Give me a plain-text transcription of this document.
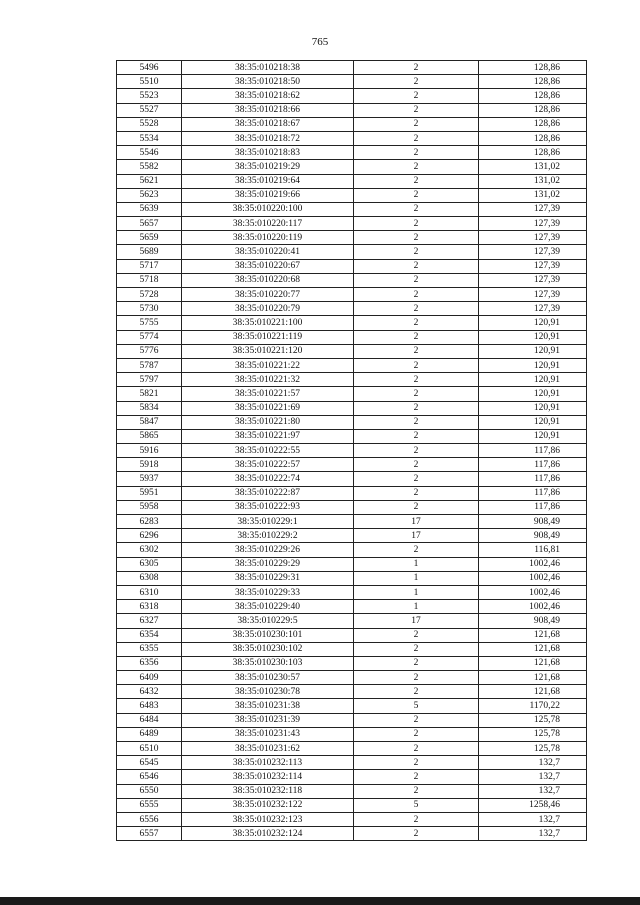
765
5496	38:35:010218:38	2	128,86
5510	38:35:010218:50	2	128,86
5523	38:35:010218:62	2	128,86
5527	38:35:010218:66	2	128,86
5528	38:35:010218:67	2	128,86
5534	38:35:010218:72	2	128,86
5546	38:35:010218:83	2	128,86
5582	38:35:010219:29	2	131,02
5621	38:35:010219:64	2	131,02
5623	38:35:010219:66	2	131,02
5639	38:35:010220:100	2	127,39
5657	38:35:010220:117	2	127,39
5659	38:35:010220:119	2	127,39
5689	38:35:010220:41	2	127,39
5717	38:35:010220:67	2	127,39
5718	38:35:010220:68	2	127,39
5728	38:35:010220:77	2	127,39
5730	38:35:010220:79	2	127,39
5755	38:35:010221:100	2	120,91
5774	38:35:010221:119	2	120,91
5776	38:35:010221:120	2	120,91
5787	38:35:010221:22	2	120,91
5797	38:35:010221:32	2	120,91
5821	38:35:010221:57	2	120,91
5834	38:35:010221:69	2	120,91
5847	38:35:010221:80	2	120,91
5865	38:35:010221:97	2	120,91
5916	38:35:010222:55	2	117,86
5918	38:35:010222:57	2	117,86
5937	38:35:010222:74	2	117,86
5951	38:35:010222:87	2	117,86
5958	38:35:010222:93	2	117,86
6283	38:35:010229:1	17	908,49
6296	38:35:010229:2	17	908,49
6302	38:35:010229:26	2	116,81
6305	38:35:010229:29	1	1002,46
6308	38:35:010229:31	1	1002,46
6310	38:35:010229:33	1	1002,46
6318	38:35:010229:40	1	1002,46
6327	38:35:010229:5	17	908,49
6354	38:35:010230:101	2	121,68
6355	38:35:010230:102	2	121,68
6356	38:35:010230:103	2	121,68
6409	38:35:010230:57	2	121,68
6432	38:35:010230:78	2	121,68
6483	38:35:010231:38	5	1170,22
6484	38:35:010231:39	2	125,78
6489	38:35:010231:43	2	125,78
6510	38:35:010231:62	2	125,78
6545	38:35:010232:113	2	132,7
6546	38:35:010232:114	2	132,7
6550	38:35:010232:118	2	132,7
6555	38:35:010232:122	5	1258,46
6556	38:35:010232:123	2	132,7
6557	38:35:010232:124	2	132,7
